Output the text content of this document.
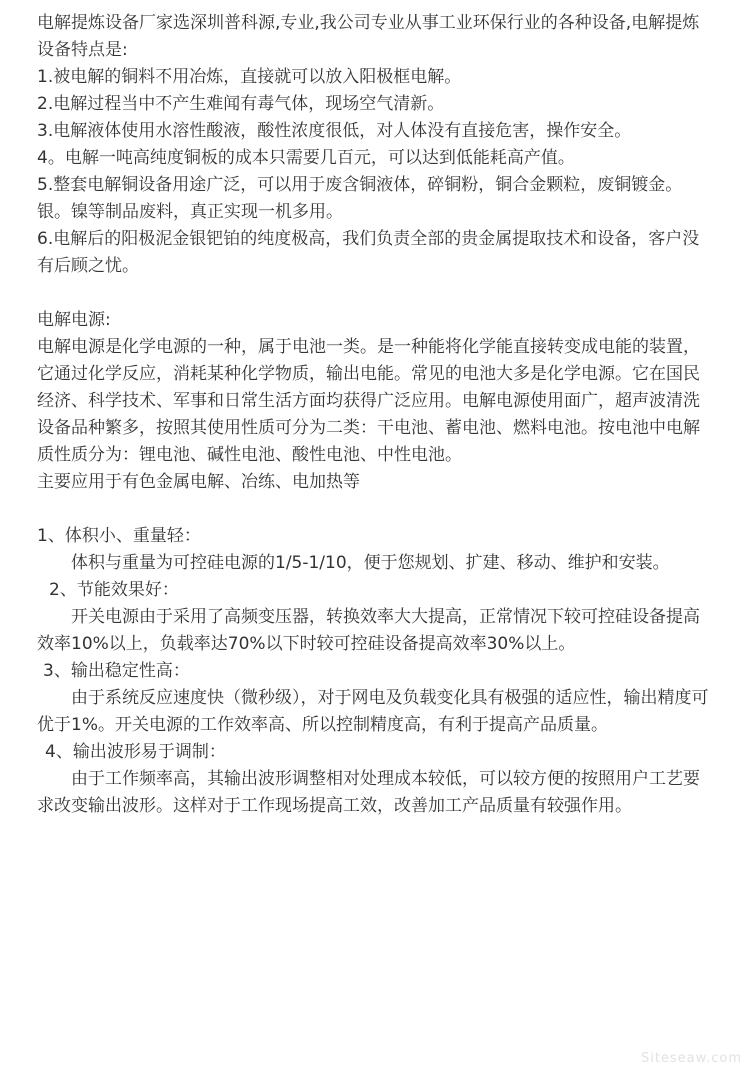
电解提炼设备厂家选深圳普科源,专业,我公司专业从事工业环保行业的各种设备,电解提炼设备特点是:

1.被电解的铜料不用冶炼，直接就可以放入阳极框电解。

2.电解过程当中不产生难闻有毒气体，现场空气清新。

3.电解液体使用水溶性酸液，酸性浓度很低，对人体没有直接危害，操作安全。

4。电解一吨高纯度铜板的成本只需要几百元，可以达到低能耗高产值。

5.整套电解铜设备用途广泛，可以用于废含铜液体，碎铜粉，铜合金颗粒，废铜镀金。银。镍等制品废料，真正实现一机多用。

6.电解后的阳极泥金银钯铂的纯度极高，我们负责全部的贵金属提取技术和设备，客户没有后顾之忧。

电解电源:

电解电源是化学电源的一种，属于电池一类。是一种能将化学能直接转变成电能的装置，它通过化学反应，消耗某种化学物质，输出电能。常见的电池大多是化学电源。它在国民经济、科学技术、军事和日常生活方面均获得广泛应用。电解电源使用面广，超声波清洗设备品种繁多，按照其使用性质可分为二类：干电池、蓄电池、燃料电池。按电池中电解质性质分为：锂电池、碱性电池、酸性电池、中性电池。

主要应用于有色金属电解、冶练、电加热等

1、体积小、重量轻：

体积与重量为可控硅电源的1/5-1/10，便于您规划、扩建、移动、维护和安装。

2、节能效果好：

开关电源由于采用了高频变压器，转换效率大大提高，正常情况下较可控硅设备提高效率10%以上，负载率达70%以下时较可控硅设备提高效率30%以上。

3、输出稳定性高：

由于系统反应速度快（微秒级），对于网电及负载变化具有极强的适应性，输出精度可优于1%。开关电源的工作效率高、所以控制精度高，有利于提高产品质量。

4、输出波形易于调制：

由于工作频率高，其输出波形调整相对处理成本较低，可以较方便的按照用户工艺要求改变输出波形。这样对于工作现场提高工效，改善加工产品质量有较强作用。

Siteseaw.com
